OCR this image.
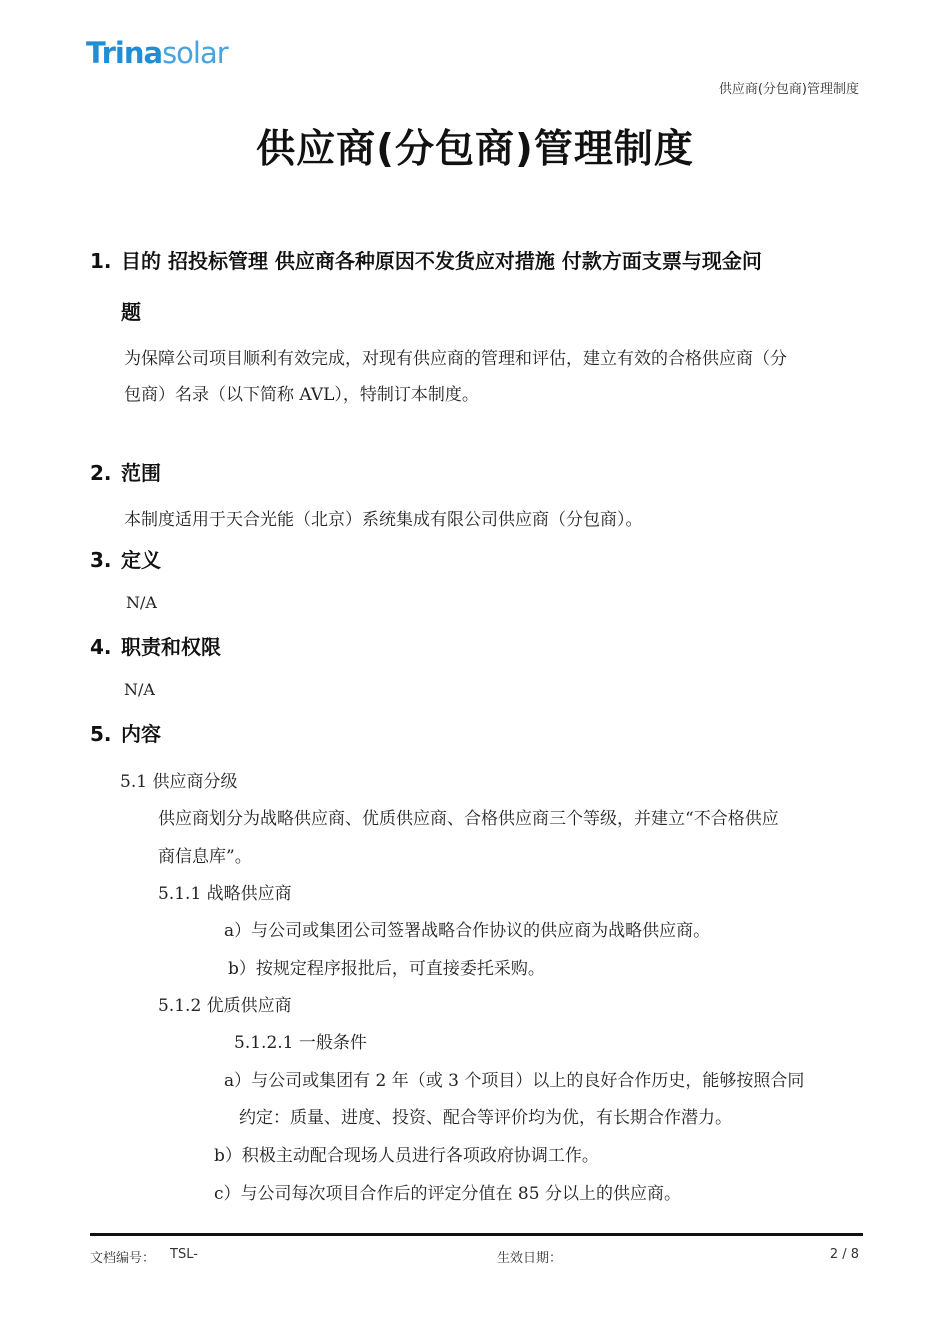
Trinasolar
供应商(分包商)管理制度
供应商(分包商)管理制度
1. 目的 招投标管理 供应商各种原因不发货应对措施 付款方面支票与现金问
题
为保障公司项目顺利有效完成，对现有供应商的管理和评估，建立有效的合格供应商（分
包商）名录（以下简称 AVL），特制订本制度。
2. 范围
本制度适用于天合光能（北京）系统集成有限公司供应商（分包商）。
3. 定义
N/A
4. 职责和权限
N/A
5. 内容
5.1 供应商分级
供应商划分为战略供应商、优质供应商、合格供应商三个等级，并建立“不合格供应
商信息库”。
5.1.1 战略供应商
a）与公司或集团公司签署战略合作协议的供应商为战略供应商。
b）按规定程序报批后，可直接委托采购。
5.1.2 优质供应商
5.1.2.1 一般条件
a）与公司或集团有 2 年（或 3 个项目）以上的良好合作历史，能够按照合同
约定：质量、进度、投资、配合等评价均为优，有长期合作潜力。
b）积极主动配合现场人员进行各项政府协调工作。
c）与公司每次项目合作后的评定分值在 85 分以上的供应商。
文档编号： TSL-	生效日期：	2 / 8
